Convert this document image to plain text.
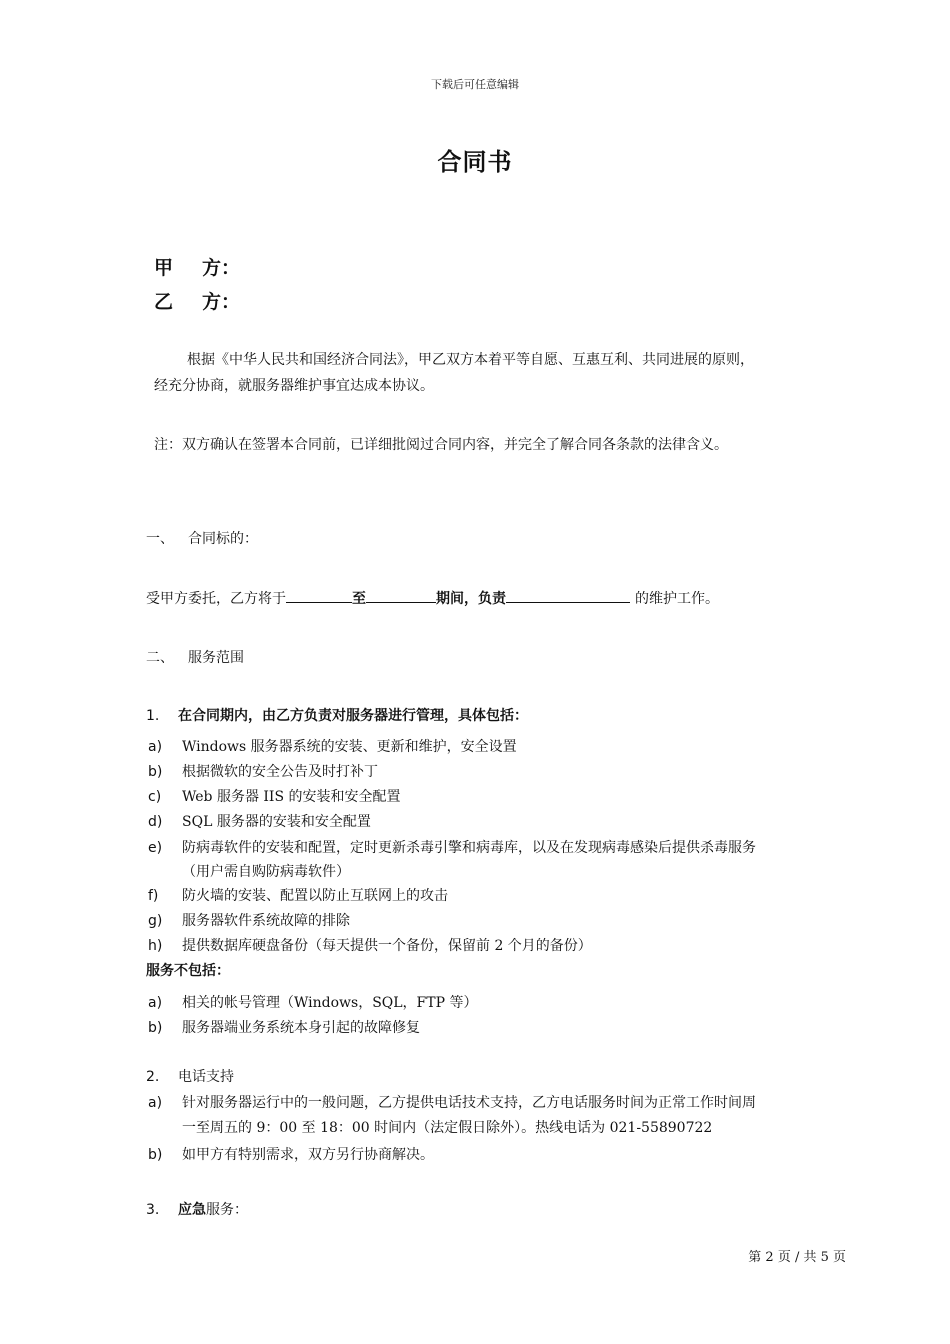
下载后可任意编辑
合同书
甲 方：
乙 方：
根据《中华人民共和国经济合同法》，甲乙双方本着平等自愿、互惠互利、共同进展的原则，
经充分协商，就服务器维护事宜达成本协议。
注：双方确认在签署本合同前，已详细批阅过合同内容，并完全了解合同各条款的法律含义。
一、 合同标的：
受甲方委托，乙方将于	至	期间，负责	的维护工作。
二、 服务范围
1. 在合同期内，由乙方负责对服务器进行管理，具体包括：
a) Windows 服务器系统的安装、更新和维护，安全设置
b) 根据微软的安全公告及时打补丁
c) Web 服务器 IIS 的安装和安全配置
d) SQL 服务器的安装和安全配置
e) 防病毒软件的安装和配置，定时更新杀毒引擎和病毒库，以及在发现病毒感染后提供杀毒服务
（用户需自购防病毒软件）
f) 防火墙的安装、配置以防止互联网上的攻击
g) 服务器软件系统故障的排除
h) 提供数据库硬盘备份（每天提供一个备份，保留前 2 个月的备份）
服务不包括：
a) 相关的帐号管理（Windows，SQL，FTP 等）
b) 服务器端业务系统本身引起的故障修复
2. 电话支持
a) 针对服务器运行中的一般问题，乙方提供电话技术支持，乙方电话服务时间为正常工作时间周
一至周五的 9：00 至 18：00 时间内（法定假日除外）。热线电话为 021-55890722
b) 如甲方有特别需求，双方另行协商解决。
3. 应急服务：
第 2 页 / 共 5 页
